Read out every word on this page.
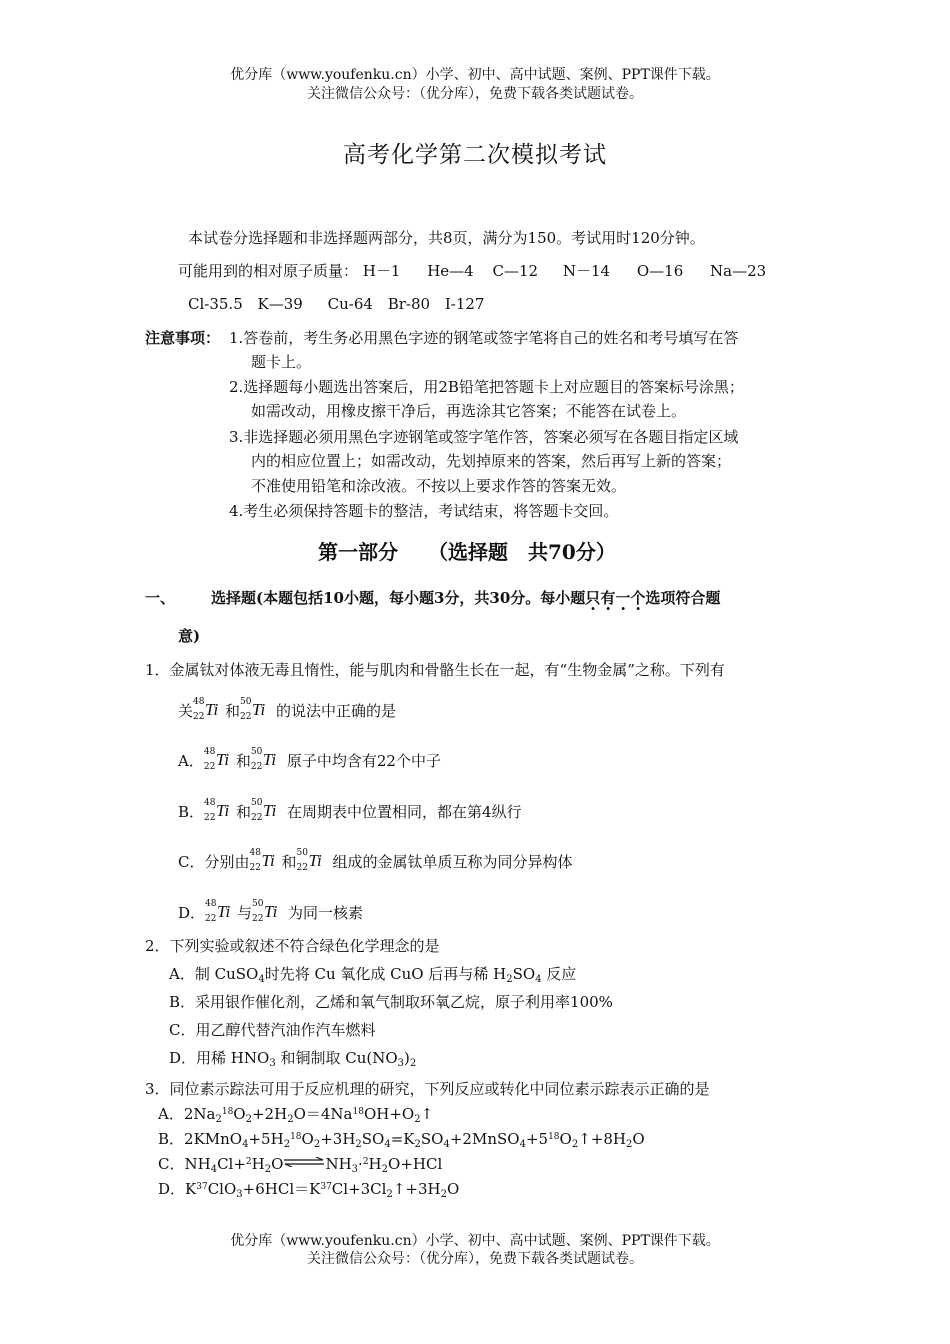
优分库（www.youfenku.cn）小学、初中、高中试题、案例、PPT课件下载。
关注微信公众号：（优分库），免费下载各类试题试卷。
高考化学第二次模拟考试
本试卷分选择题和非选择题两部分，共8页，满分为150。考试用时120分钟。
可能用到的相对原子质量： H－1 He—4 C—12 N－14 O—16 Na—23
Cl-35.5 K—39 Cu-64 Br-80 I-127
注意事项： 1.答卷前，考生务必用黑色字迹的钢笔或签字笔将自己的姓名和考号填写在答
题卡上。
2.选择题每小题选出答案后，用2B铅笔把答题卡上对应题目的答案标号涂黑；
如需改动，用橡皮擦干净后，再选涂其它答案；不能答在试卷上。
3.非选择题必须用黑色字迹钢笔或签字笔作答，答案必须写在各题目指定区域
内的相应位置上；如需改动，先划掉原来的答案，然后再写上新的答案；
不准使用铅笔和涂改液。不按以上要求作答的答案无效。
4.考生必须保持答题卡的整洁，考试结束，将答题卡交回。
第一部分 （选择题　共70分）
一、 选择题(本题包括10小题，每小题3分，共30分。每小题只有一个选项符合题
意)
1．金属钛对体液无毒且惰性，能与肌肉和骨骼生长在一起，有“生物金属”之称。下列有
关 48
22 Ti 和 50
22 Ti 的说法中正确的是
A． 48
22 Ti 和 50
22 Ti 原子中均含有22个中子
B． 48
22 Ti 和 50
22 Ti 在周期表中位置相同，都在第4纵行
C．分别由 48
22 Ti 和 50
22 Ti 组成的金属钛单质互称为同分异构体
D． 48
22 Ti 与 50
22 Ti 为同一核素
2．下列实验或叙述不符合绿色化学理念的是
A．制 CuSO$_4$时先将 Cu 氧化成 CuO 后再与稀 $H_2SO_4$ 反应
B．采用银作催化剂，乙烯和氧气制取环氧乙烷，原子利用率100%
C．用乙醇代替汽油作汽车燃料
D．用稀 $HNO_3$ 和铜制取 $Cu(NO_3)_2$
3．同位素示踪法可用于反应机理的研究，下列反应或转化中同位素示踪表示正确的是
A．$2Na_2^{18}O_2+2H_2O=4Na^{18}OH+O_2↑$
B．$2KMnO_4+5H_2^{18}O_2+3H_2SO_4=K_2SO_4+2MnSO_4+5^{18}O_2↑+8H_2O$
C．$NH_4Cl+^2H_2O\rightleftharpoons NH_3\cdot^2H_2O+HCl$
D．$K^{37}ClO_3+6HCl=K^{37}Cl+3Cl_2↑+3H_2O$
优分库（www.youfenku.cn）小学、初中、高中试题、案例、PPT课件下载。
关注微信公众号：（优分库），免费下载各类试题试卷。
